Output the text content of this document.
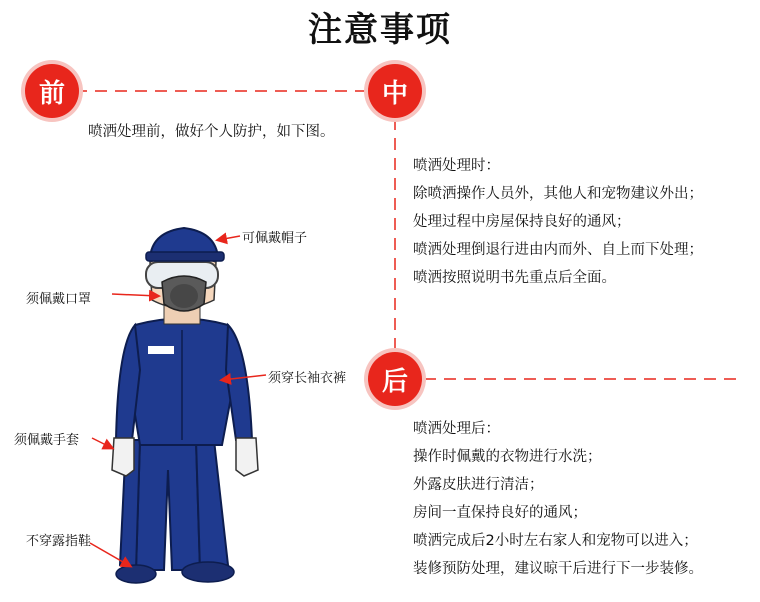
注意事项
前	中
后
喷洒处理前，做好个人防护，如下图。
喷洒处理时：
除喷洒操作人员外，其他人和宠物建议外出；
处理过程中房屋保持良好的通风；
喷洒处理倒退行进由内而外、自上而下处理；
喷洒按照说明书先重点后全面。
喷洒处理后：
操作时佩戴的衣物进行水洗；
外露皮肤进行清洁；
房间一直保持良好的通风；
喷洒完成后2小时左右家人和宠物可以进入；
装修预防处理，建议晾干后进行下一步装修。
可佩戴帽子
须佩戴口罩
须穿长袖衣裤
须佩戴手套
不穿露指鞋
